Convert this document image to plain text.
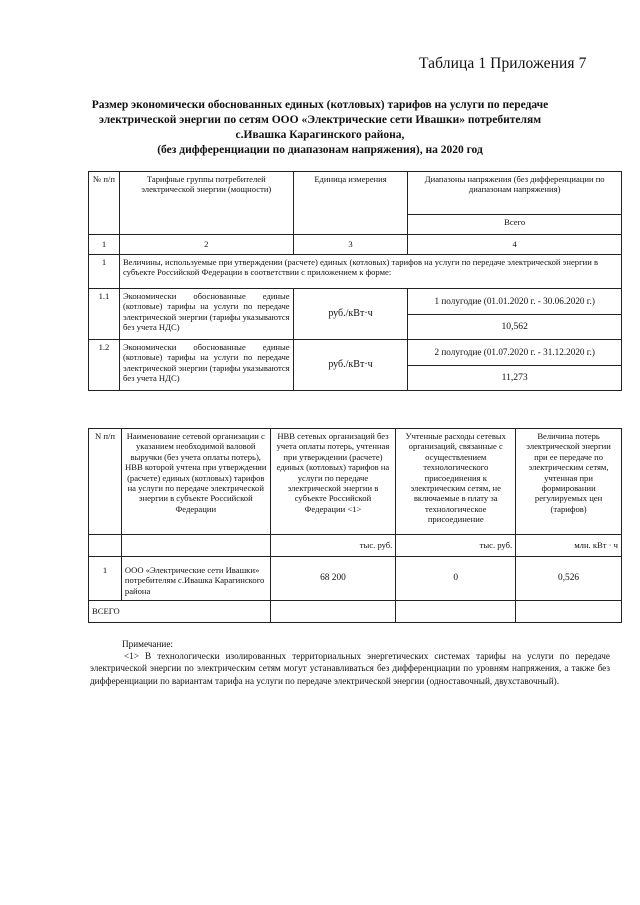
Таблица 1 Приложения 7
Размер экономически обоснованных единых (котловых) тарифов на услуги по передаче
электрической энергии по сетям ООО «Электрические сети Ивашки» потребителям
с.Ивашка Карагинского района,
(без дифференциации по диапазонам напряжения), на 2020 год
№ п/п	Тарифные группы потребителей электрической энергии (мощности)	Единица измерения	Диапазоны напряжения (без дифференциации по диапазонам напряжения)
			Всего
1	2	3	4
1	Величины, используемые при утверждении (расчете) единых (котловых) тарифов на услуги по передаче электрической энергии в субъекте Российской Федерации в соответствии с приложением к форме:		
1.1	Экономически обоснованные единые (котловые) тарифы на услуги по передаче электрической энергии (тарифы указываются без учета НДС)	руб./кВт·ч	1 полугодие (01.01.2020 г. - 30.06.2020 г.)
			10,562
1.2	Экономически обоснованные единые (котловые) тарифы на услуги по передаче электрической энергии (тарифы указываются без учета НДС)	руб./кВт·ч	2 полугодие (01.07.2020 г. - 31.12.2020 г.)
			11,273
N п/п	Наименование сетевой организации с указанием необходимой валовой выручки (без учета оплаты потерь), НВВ которой учтена при утверждении (расчете) единых (котловых) тарифов на услуги по передаче электрической энергии в субъекте Российской Федерации	НВВ сетевых организаций без учета оплаты потерь, учтенная при утверждении (расчете) единых (котловых) тарифов на услуги по передаче электрической энергии в субъекте Российской Федерации <1>	Учтенные расходы сетевых организаций, связанные с осуществлением технологического присоединения к электрическим сетям, не включаемые в плату за технологическое присоединение	Величина потерь электрической энергии при ее передаче по электрическим сетям, учтенная при формировании регулируемых цен (тарифов)
		тыс. руб.	тыс. руб.	млн. кВт · ч
1	ООО «Электрические сети Ивашки» потребителям с.Ивашка Карагинского района	68 200	0	0,526
ВСЕГО				
Примечание:
<1> В технологически изолированных территориальных энергетических системах тарифы на услуги по передаче электрической энергии по электрическим сетям могут устанавливаться без дифференциации по уровням напряжения, а также без дифференциации по вариантам тарифа на услуги по передаче электрической энергии (одноставочный, двухставочный).
